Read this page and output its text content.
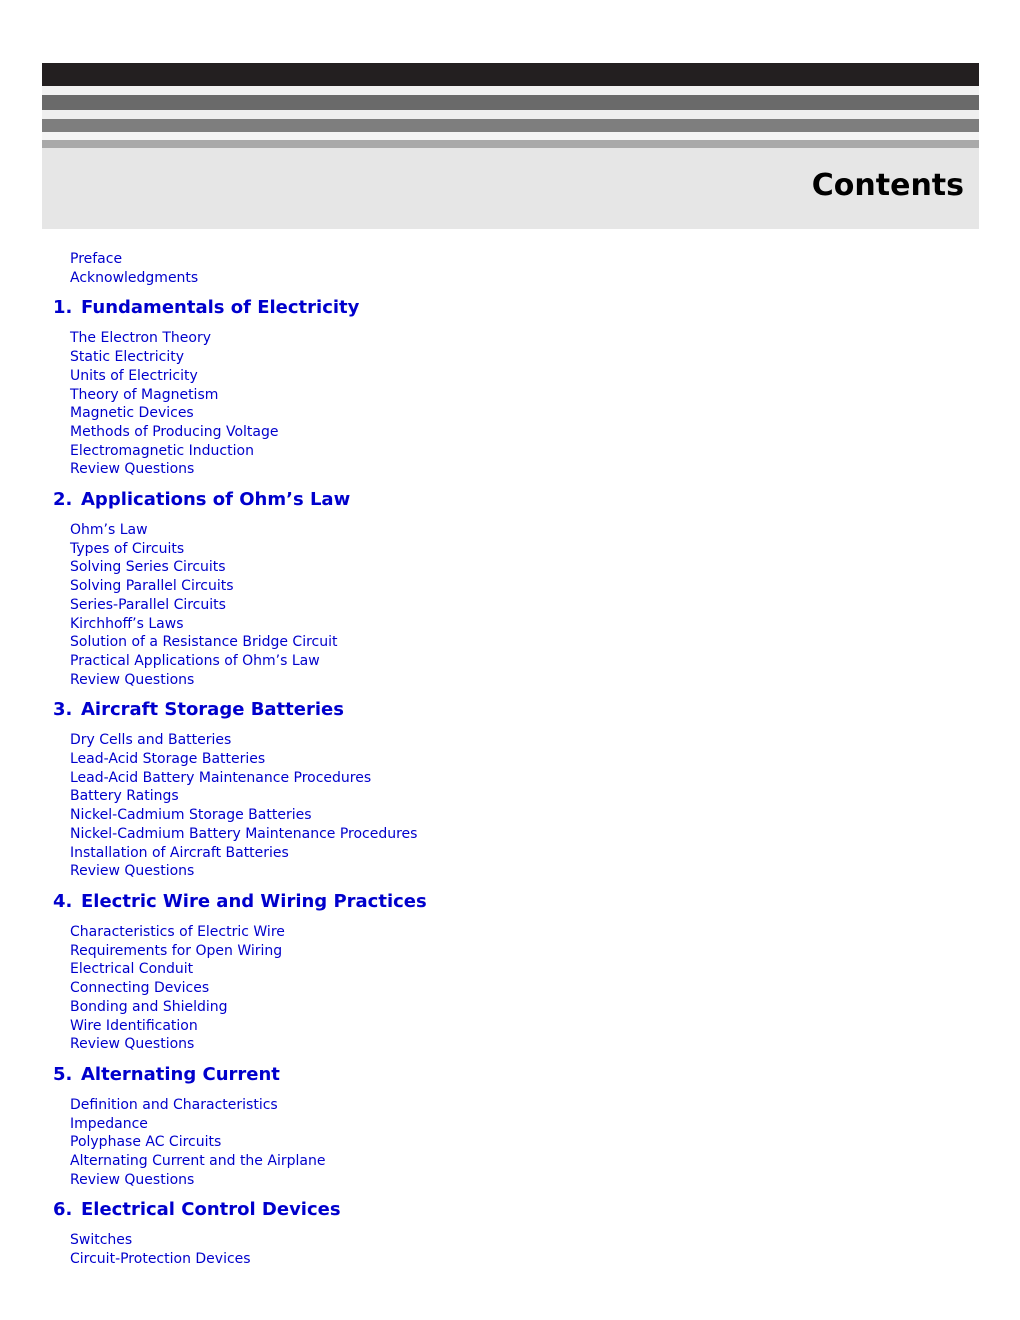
Contents
Preface
Acknowledgments
1. Fundamentals of Electricity
The Electron Theory
Static Electricity
Units of Electricity
Theory of Magnetism
Magnetic Devices
Methods of Producing Voltage
Electromagnetic Induction
Review Questions
2. Applications of Ohm’s Law
Ohm’s Law
Types of Circuits
Solving Series Circuits
Solving Parallel Circuits
Series-Parallel Circuits
Kirchhoff’s Laws
Solution of a Resistance Bridge Circuit
Practical Applications of Ohm’s Law
Review Questions
3. Aircraft Storage Batteries
Dry Cells and Batteries
Lead-Acid Storage Batteries
Lead-Acid Battery Maintenance Procedures
Battery Ratings
Nickel-Cadmium Storage Batteries
Nickel-Cadmium Battery Maintenance Procedures
Installation of Aircraft Batteries
Review Questions
4. Electric Wire and Wiring Practices
Characteristics of Electric Wire
Requirements for Open Wiring
Electrical Conduit
Connecting Devices
Bonding and Shielding
Wire Identification
Review Questions
5. Alternating Current
Definition and Characteristics
Impedance
Polyphase AC Circuits
Alternating Current and the Airplane
Review Questions
6. Electrical Control Devices
Switches
Circuit-Protection Devices
